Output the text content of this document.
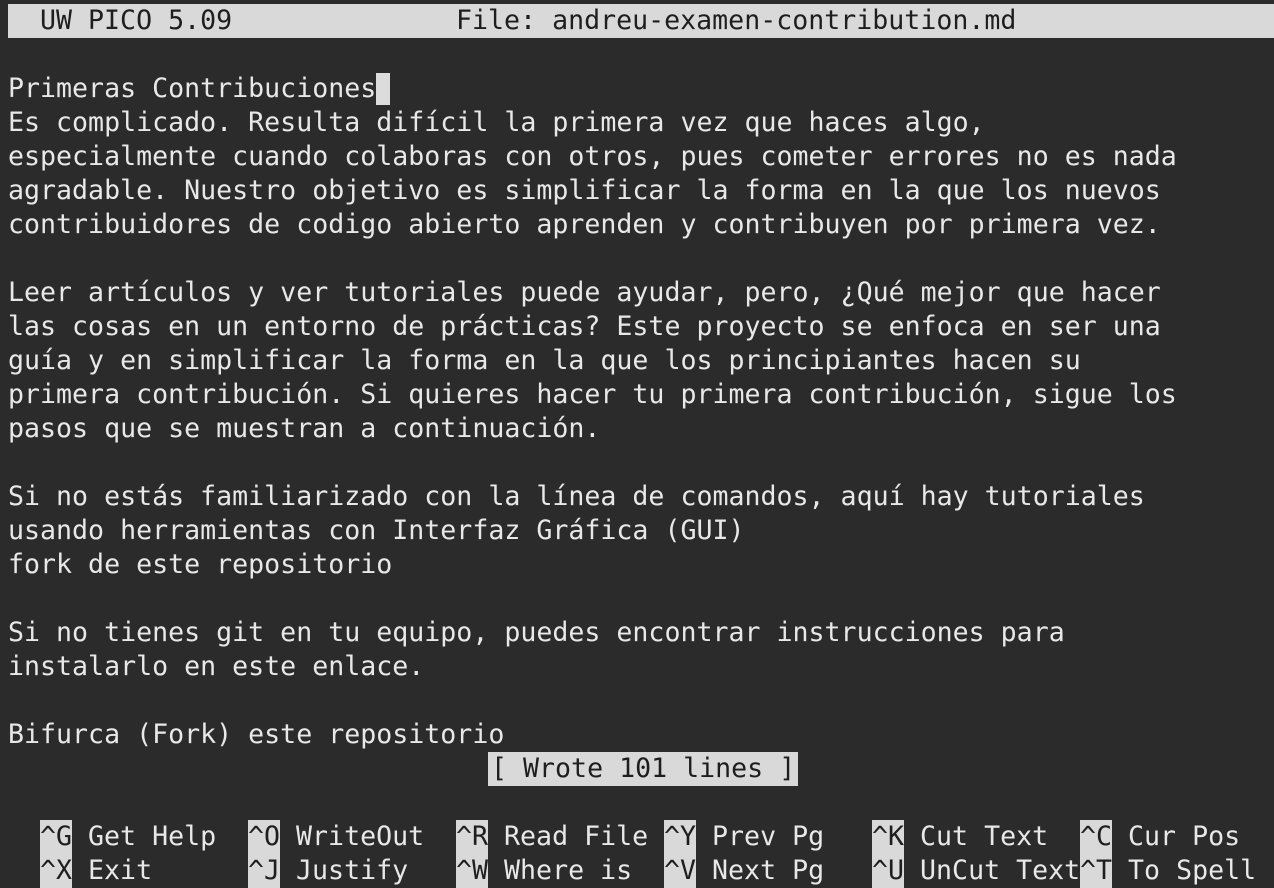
UW PICO 5.09

	File: andreu-examen-contribution.md

Primeras Contribuciones
Es complicado. Resulta difícil la primera vez que haces algo,
especialmente cuando colaboras con otros, pues cometer errores no es nada
agradable. Nuestro objetivo es simplificar la forma en la que los nuevos
contribuidores de codigo abierto aprenden y contribuyen por primera vez.
Leer artículos y ver tutoriales puede ayudar, pero, ¿Qué mejor que hacer
las cosas en un entorno de prácticas? Este proyecto se enfoca en ser una
guía y en simplificar la forma en la que los principiantes hacen su
primera contribución. Si quieres hacer tu primera contribución, sigue los
pasos que se muestran a continuación.
Si no estás familiarizado con la línea de comandos, aquí hay tutoriales
usando herramientas con Interfaz Gráfica (GUI)
fork de este repositorio
Si no tienes git en tu equipo, puedes encontrar instrucciones para
instalarlo en este enlace.
Bifurca (Fork) este repositorio
[ Wrote 101 lines ]

^G Get Help	^O WriteOut	^R Read File ^Y Prev Pg	^K Cut Text	^C Cur Pos

^X Exit	^J Justify	^W Where is	^V Next Pg	^U UnCut Text ^T To Spell
